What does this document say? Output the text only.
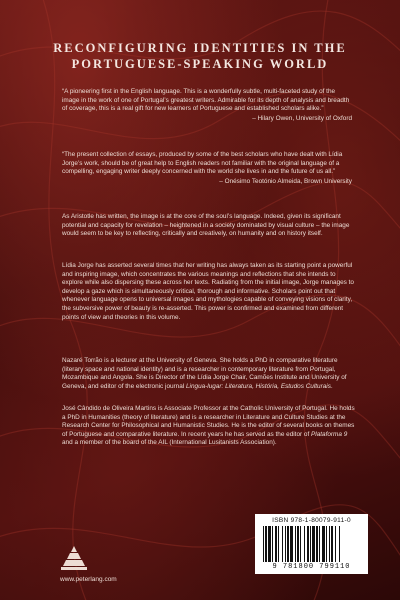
RECONFIGURING IDENTITIES IN THE
PORTUGUESE-SPEAKING WORLD
“A pioneering first in the English language. This is a wonderfully subtle, multi-faceted study of the image in the work of one of Portugal’s greatest writers. Admirable for its depth of analysis and breadth of coverage, this is a real gift for new learners of Portuguese and established scholars alike.”
– Hilary Owen, University of Oxford
“The present collection of essays, produced by some of the best scholars who have dealt with Lídia Jorge’s work, should be of great help to English readers not familiar with the original language of a compelling, engaging writer deeply concerned with the world she lives in and the future of us all.”
– Onésimo Teotónio Almeida, Brown University
As Aristotle has written, the image is at the core of the soul’s language. Indeed, given its significant potential and capacity for revelation – heightened in a society dominated by visual culture – the image would seem to be key to reflecting, critically and creatively, on humanity and on history itself.
Lídia Jorge has asserted several times that her writing has always taken as its starting point a powerful and inspiring image, which concentrates the various meanings and reflections that she intends to explore while also dispersing these across her texts. Radiating from the initial image, Jorge manages to develop a gaze which is simultaneously critical, thorough and informative. Scholars point out that whenever language opens to universal images and mythologies capable of conveying visions of clarity, the subversive power of beauty is re-asserted. This power is confirmed and examined from different points of view and theories in this volume.
Nazaré Torrão is a lecturer at the University of Geneva. She holds a PhD in comparative literature (literary space and national identity) and is a researcher in contemporary literature from Portugal, Mozambique and Angola. She is Director of the Lídia Jorge Chair, Camões Institute and University of Geneva, and editor of the electronic journal Lingua-lugar: Literatura, História, Estudos Culturais.
José Cândido de Oliveira Martins is Associate Professor at the Catholic University of Portugal. He holds a PhD in Humanities (theory of literature) and is a researcher in Literature and Culture Studies at the Research Center for Philosophical and Humanistic Studies. He is the editor of several books on themes of Portuguese and comparative literature. In recent years he has served as the editor of Plataforma 9 and a member of the board of the AIL (International Lusitanists Association).
www.peterlang.com
ISBN 978-1-80079-911-0
9 781800 799110
